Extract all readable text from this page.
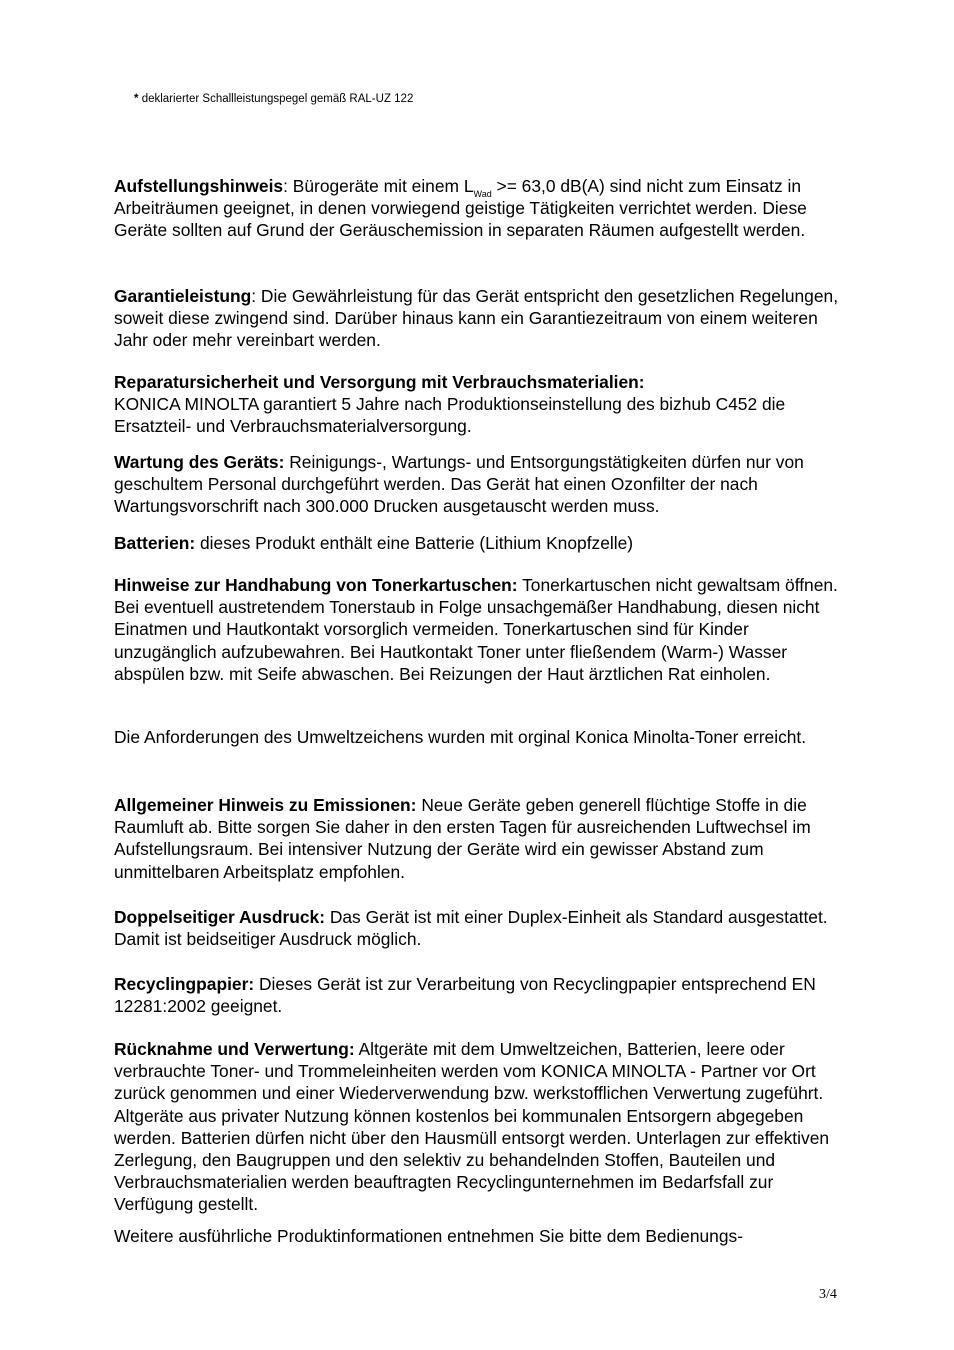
* deklarierter Schallleistungspegel gemäß RAL-UZ 122

Aufstellungshinweis: Bürogeräte mit einem $L_{Wad} >= 63,0$ dB(A) sind nicht zum Einsatz in Arbeiträumen geeignet, in denen vorwiegend geistige Tätigkeiten verrichtet werden. Diese Geräte sollten auf Grund der Geräuschemission in separaten Räumen aufgestellt werden.

Garantieleistung: Die Gewährleistung für das Gerät entspricht den gesetzlichen Regelungen, soweit diese zwingend sind. Darüber hinaus kann ein Garantiezeitraum von einem weiteren Jahr oder mehr vereinbart werden.

Reparatursicherheit und Versorgung mit Verbrauchsmaterialien:
KONICA MINOLTA garantiert 5 Jahre nach Produktionseinstellung des bizhub C452 die Ersatzteil- und Verbrauchsmaterialversorgung.

Wartung des Geräts: Reinigungs-, Wartungs- und Entsorgungstätigkeiten dürfen nur von geschultem Personal durchgeführt werden. Das Gerät hat einen Ozonfilter der nach Wartungsvorschrift nach 300.000 Drucken ausgetauscht werden muss.

Batterien: dieses Produkt enthält eine Batterie (Lithium Knopfzelle)

Hinweise zur Handhabung von Tonerkartuschen: Tonerkartuschen nicht gewaltsam öffnen. Bei eventuell austretendem Tonerstaub in Folge unsachgemäßer Handhabung, diesen nicht Einatmen und Hautkontakt vorsorglich vermeiden. Tonerkartuschen sind für Kinder unzugänglich aufzubewahren. Bei Hautkontakt Toner unter fließendem (Warm-) Wasser abspülen bzw. mit Seife abwaschen. Bei Reizungen der Haut ärztlichen Rat einholen.

Die Anforderungen des Umweltzeichens wurden mit orginal Konica Minolta-Toner erreicht.

Allgemeiner Hinweis zu Emissionen: Neue Geräte geben generell flüchtige Stoffe in die Raumluft ab. Bitte sorgen Sie daher in den ersten Tagen für ausreichenden Luftwechsel im Aufstellungsraum. Bei intensiver Nutzung der Geräte wird ein gewisser Abstand zum unmittelbaren Arbeitsplatz empfohlen.

Doppelseitiger Ausdruck: Das Gerät ist mit einer Duplex-Einheit als Standard ausgestattet. Damit ist beidseitiger Ausdruck möglich.

Recyclingpapier: Dieses Gerät ist zur Verarbeitung von Recyclingpapier entsprechend EN 12281:2002 geeignet.

Rücknahme und Verwertung: Altgeräte mit dem Umweltzeichen, Batterien, leere oder verbrauchte Toner- und Trommeleinheiten werden vom KONICA MINOLTA - Partner vor Ort zurück genommen und einer Wiederverwendung bzw. werkstofflichen Verwertung zugeführt. Altgeräte aus privater Nutzung können kostenlos bei kommunalen Entsorgern abgegeben werden. Batterien dürfen nicht über den Hausmüll entsorgt werden. Unterlagen zur effektiven Zerlegung, den Baugruppen und den selektiv zu behandelnden Stoffen, Bauteilen und Verbrauchsmaterialien werden beauftragten Recyclingunternehmen im Bedarfsfall zur Verfügung gestellt.

Weitere ausführliche Produktinformationen entnehmen Sie bitte dem Bedienungs-

3/4
